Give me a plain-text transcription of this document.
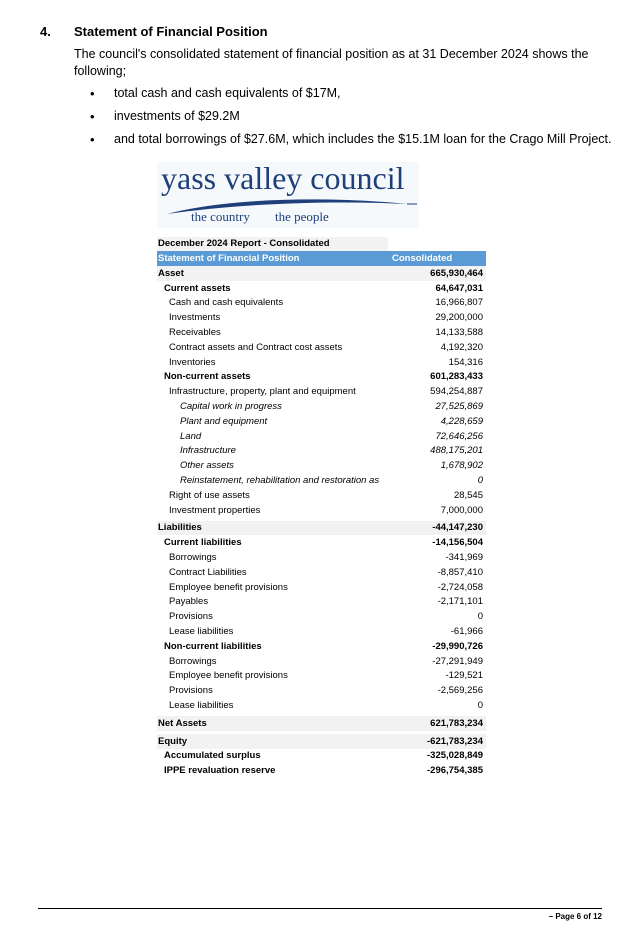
4. Statement of Financial Position
The council's consolidated statement of financial position as at 31 December 2024 shows the following;
• total cash and cash equivalents of $17M,
• investments of $29.2M
• and total borrowings of $27.6M, which includes the $15.1M loan for the Crago Mill Project.
yass valley council
the country the people
December 2024 Report - Consolidated
Statement of Financial Position	Consolidated
Asset	665,930,464
Current assets	64,647,031
Cash and cash equivalents	16,966,807
Investments	29,200,000
Receivables	14,133,588
Contract assets and Contract cost assets	4,192,320
Inventories	154,316
Non-current assets	601,283,433
Infrastructure, property, plant and equipment	594,254,887
Capital work in progress	27,525,869
Plant and equipment	4,228,659
Land	72,646,256
Infrastructure	488,175,201
Other assets	1,678,902
Reinstatement, rehabilitation and restoration as	0
Right of use assets	28,545
Investment properties	7,000,000
Liabilities	-44,147,230
Current liabilities	-14,156,504
Borrowings	-341,969
Contract Liabilities	-8,857,410
Employee benefit provisions	-2,724,058
Payables	-2,171,101
Provisions	0
Lease liabilities	-61,966
Non-current liabilities	-29,990,726
Borrowings	-27,291,949
Employee benefit provisions	-129,521
Provisions	-2,569,256
Lease liabilities	0
Net Assets	621,783,234
Equity	-621,783,234
Accumulated surplus	-325,028,849
IPPE revaluation reserve	-296,754,385
– Page 6 of 12
